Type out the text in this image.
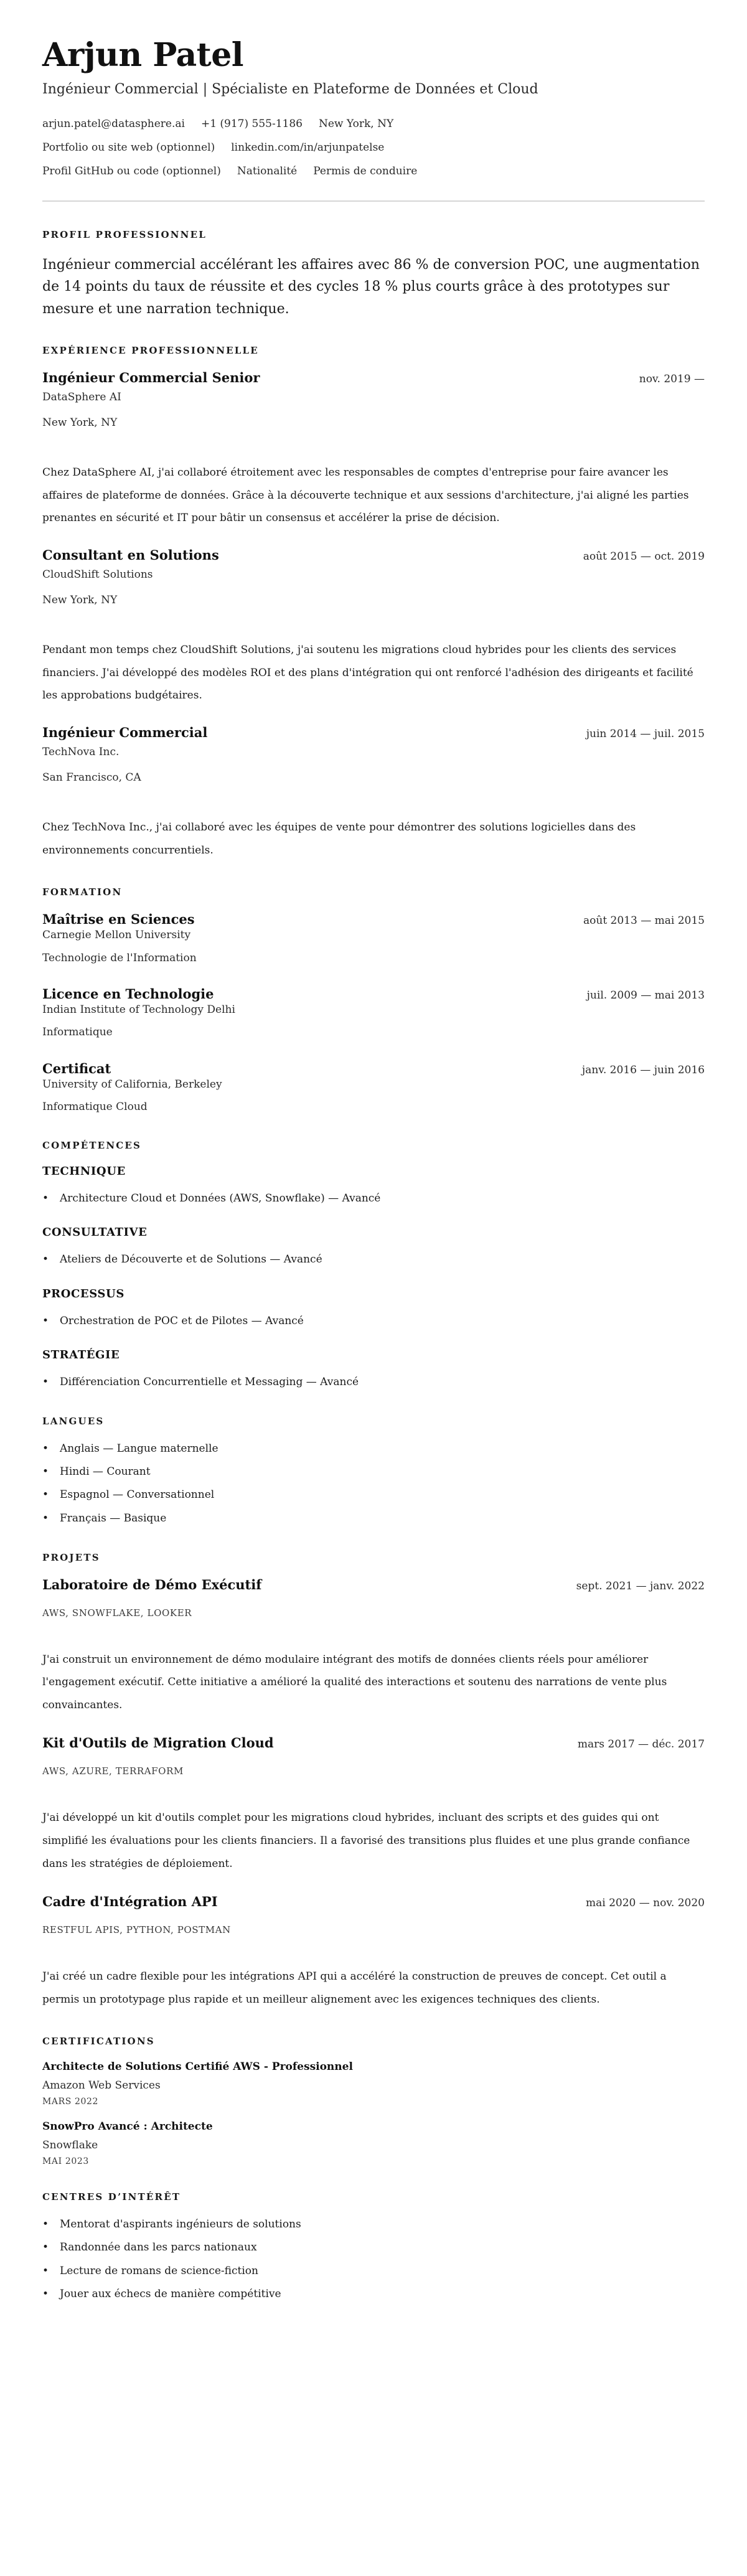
Arjun Patel
Ingénieur Commercial | Spécialiste en Plateforme de Données et Cloud
arjun.patel@datasphere.ai +1 (917) 555-1186 New York, NY
Portfolio ou site web (optionnel) linkedin.com/in/arjunpatelse
Profil GitHub ou code (optionnel) Nationalité Permis de conduire
PROFIL PROFESSIONNEL

Ingénieur commercial accélérant les affaires avec 86 % de conversion POC, une augmentation de 14 points du taux de réussite et des cycles 18 % plus courts grâce à des prototypes sur mesure et une narration technique.

EXPÉRIENCE PROFESSIONNELLE
Ingénieur Commercial Senior	nov. 2019 —
DataSphere AI
New York, NY

Chez DataSphere AI, j'ai collaboré étroitement avec les responsables de comptes d'entreprise pour faire avancer les affaires de plateforme de données. Grâce à la découverte technique et aux sessions d'architecture, j'ai aligné les parties prenantes en sécurité et IT pour bâtir un consensus et accélérer la prise de décision.

Consultant en Solutions	août 2015 — oct. 2019
CloudShift Solutions
New York, NY

Pendant mon temps chez CloudShift Solutions, j'ai soutenu les migrations cloud hybrides pour les clients des services financiers. J'ai développé des modèles ROI et des plans d'intégration qui ont renforcé l'adhésion des dirigeants et facilité les approbations budgétaires.

Ingénieur Commercial	juin 2014 — juil. 2015
TechNova Inc.
San Francisco, CA

Chez TechNova Inc., j'ai collaboré avec les équipes de vente pour démontrer des solutions logicielles dans des environnements concurrentiels.

FORMATION
Maîtrise en Sciences	août 2013 — mai 2015
Carnegie Mellon University
Technologie de l'Information
Licence en Technologie	juil. 2009 — mai 2013
Indian Institute of Technology Delhi
Informatique
Certificat	janv. 2016 — juin 2016
University of California, Berkeley
Informatique Cloud
COMPÉTENCES
TECHNIQUE
• Architecture Cloud et Données (AWS, Snowflake) — Avancé
CONSULTATIVE
• Ateliers de Découverte et de Solutions — Avancé
PROCESSUS
• Orchestration de POC et de Pilotes — Avancé
STRATÉGIE
• Différenciation Concurrentielle et Messaging — Avancé
LANGUES
• Anglais — Langue maternelle
• Hindi — Courant
• Espagnol — Conversationnel
• Français — Basique
PROJETS
Laboratoire de Démo Exécutif	sept. 2021 — janv. 2022
AWS, SNOWFLAKE, LOOKER

J'ai construit un environnement de démo modulaire intégrant des motifs de données clients réels pour améliorer l'engagement exécutif. Cette initiative a amélioré la qualité des interactions et soutenu des narrations de vente plus convaincantes.

Kit d'Outils de Migration Cloud	mars 2017 — déc. 2017
AWS, AZURE, TERRAFORM

J'ai développé un kit d'outils complet pour les migrations cloud hybrides, incluant des scripts et des guides qui ont simplifié les évaluations pour les clients financiers. Il a favorisé des transitions plus fluides et une plus grande confiance dans les stratégies de déploiement.

Cadre d'Intégration API	mai 2020 — nov. 2020
RESTFUL APIS, PYTHON, POSTMAN

J'ai créé un cadre flexible pour les intégrations API qui a accéléré la construction de preuves de concept. Cet outil a permis un prototypage plus rapide et un meilleur alignement avec les exigences techniques des clients.

CERTIFICATIONS
Architecte de Solutions Certifié AWS - Professionnel
Amazon Web Services
MARS 2022
SnowPro Avancé : Architecte
Snowflake
MAI 2023
CENTRES D’INTÉRÊT
• Mentorat d'aspirants ingénieurs de solutions
• Randonnée dans les parcs nationaux
• Lecture de romans de science-fiction
• Jouer aux échecs de manière compétitive
